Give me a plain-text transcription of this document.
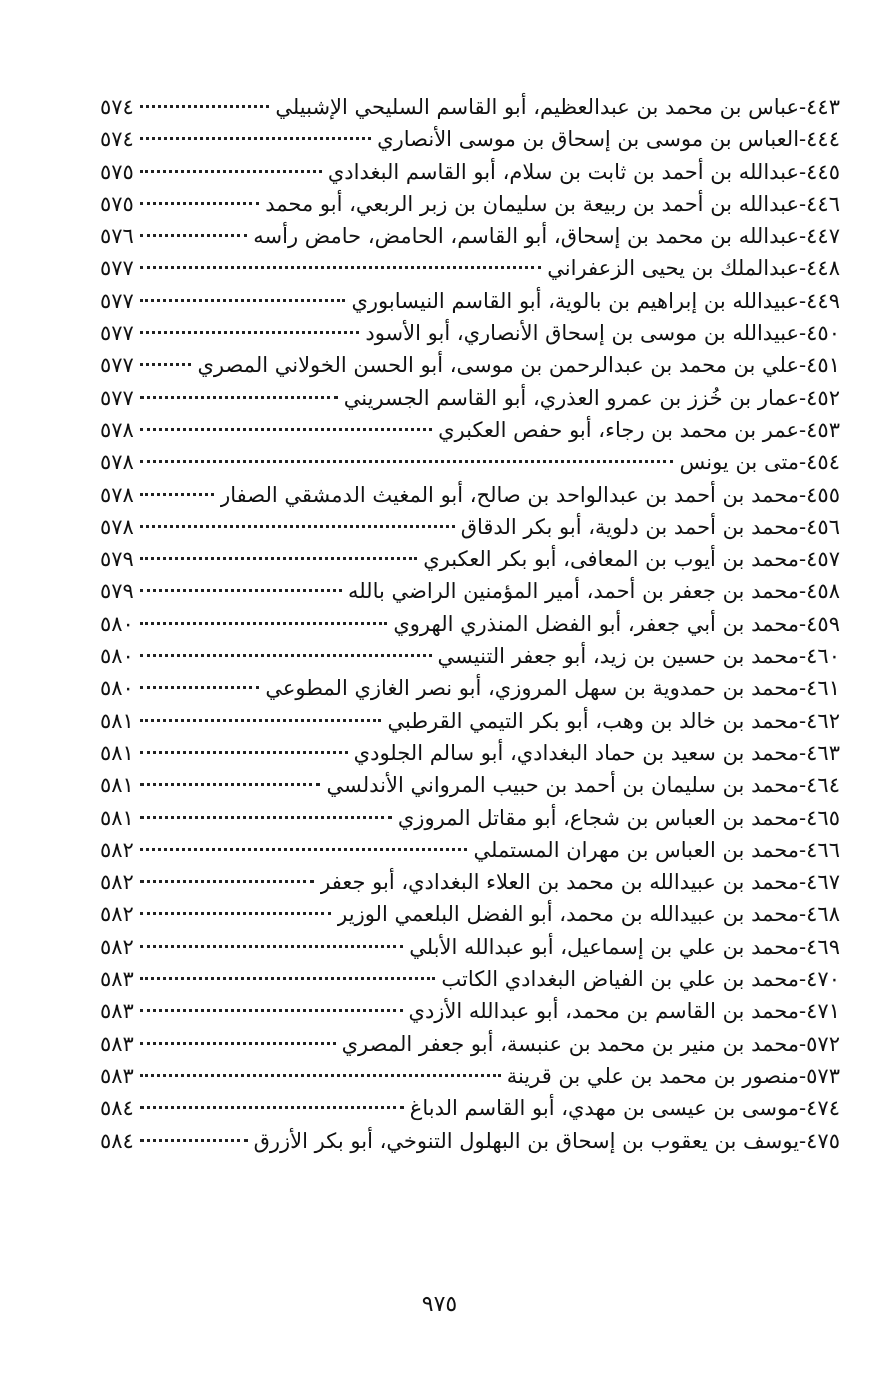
٤٤٣
-
عباس بن محمد بن عبدالعظيم، أبو القاسم السليحي الإشبيلي
٥٧٤
٤٤٤
-
العباس بن موسى بن إسحاق بن موسى الأنصاري
٥٧٤
٤٤٥
-
عبدالله بن أحمد بن ثابت بن سلام، أبو القاسم البغدادي
٥٧٥
٤٤٦
-
عبدالله بن أحمد بن ربيعة بن سليمان بن زبر الربعي، أبو محمد
٥٧٥
٤٤٧
-
عبدالله بن محمد بن إسحاق، أبو القاسم، الحامض، حامض رأسه
٥٧٦
٤٤٨
-
عبدالملك بن يحيى الزعفراني
٥٧٧
٤٤٩
-
عبيدالله بن إبراهيم بن بالوية، أبو القاسم النيسابوري
٥٧٧
٤٥٠
-
عبيدالله بن موسى بن إسحاق الأنصاري، أبو الأسود
٥٧٧
٤٥١
-
علي بن محمد بن عبدالرحمن بن موسى، أبو الحسن الخولاني المصري
٥٧٧
٤٥٢
-
عمار بن خُزز بن عمرو العذري، أبو القاسم الجسريني
٥٧٧
٤٥٣
-
عمر بن محمد بن رجاء، أبو حفص العكبري
٥٧٨
٤٥٤
-
متى بن يونس
٥٧٨
٤٥٥
-
محمد بن أحمد بن عبدالواحد بن صالح، أبو المغيث الدمشقي الصفار
٥٧٨
٤٥٦
-
محمد بن أحمد بن دلوية، أبو بكر الدقاق
٥٧٨
٤٥٧
-
محمد بن أيوب بن المعافى، أبو بكر العكبري
٥٧٩
٤٥٨
-
محمد بن جعفر بن أحمد، أمير المؤمنين الراضي بالله
٥٧٩
٤٥٩
-
محمد بن أبي جعفر، أبو الفضل المنذري الهروي
٥٨٠
٤٦٠
-
محمد بن حسين بن زيد، أبو جعفر التنيسي
٥٨٠
٤٦١
-
محمد بن حمدوية بن سهل المروزي، أبو نصر الغازي المطوعي
٥٨٠
٤٦٢
-
محمد بن خالد بن وهب، أبو بكر التيمي القرطبي
٥٨١
٤٦٣
-
محمد بن سعيد بن حماد البغدادي، أبو سالم الجلودي
٥٨١
٤٦٤
-
محمد بن سليمان بن أحمد بن حبيب المرواني الأندلسي
٥٨١
٤٦٥
-
محمد بن العباس بن شجاع، أبو مقاتل المروزي
٥٨١
٤٦٦
-
محمد بن العباس بن مهران المستملي
٥٨٢
٤٦٧
-
محمد بن عبيدالله بن محمد بن العلاء البغدادي، أبو جعفر
٥٨٢
٤٦٨
-
محمد بن عبيدالله بن محمد، أبو الفضل البلعمي الوزير
٥٨٢
٤٦٩
-
محمد بن علي بن إسماعيل، أبو عبدالله الأبلي
٥٨٢
٤٧٠
-
محمد بن علي بن الفياض البغدادي الكاتب
٥٨٣
٤٧١
-
محمد بن القاسم بن محمد، أبو عبدالله الأزدي
٥٨٣
٥٧٢
-
محمد بن منير بن محمد بن عنبسة، أبو جعفر المصري
٥٨٣
٥٧٣
-
منصور بن محمد بن علي بن قرينة
٥٨٣
٤٧٤
-
موسى بن عيسى بن مهدي، أبو القاسم الدباغ
٥٨٤
٤٧٥
-
يوسف بن يعقوب بن إسحاق بن البهلول التنوخي، أبو بكر الأزرق
٥٨٤
٩٧٥
